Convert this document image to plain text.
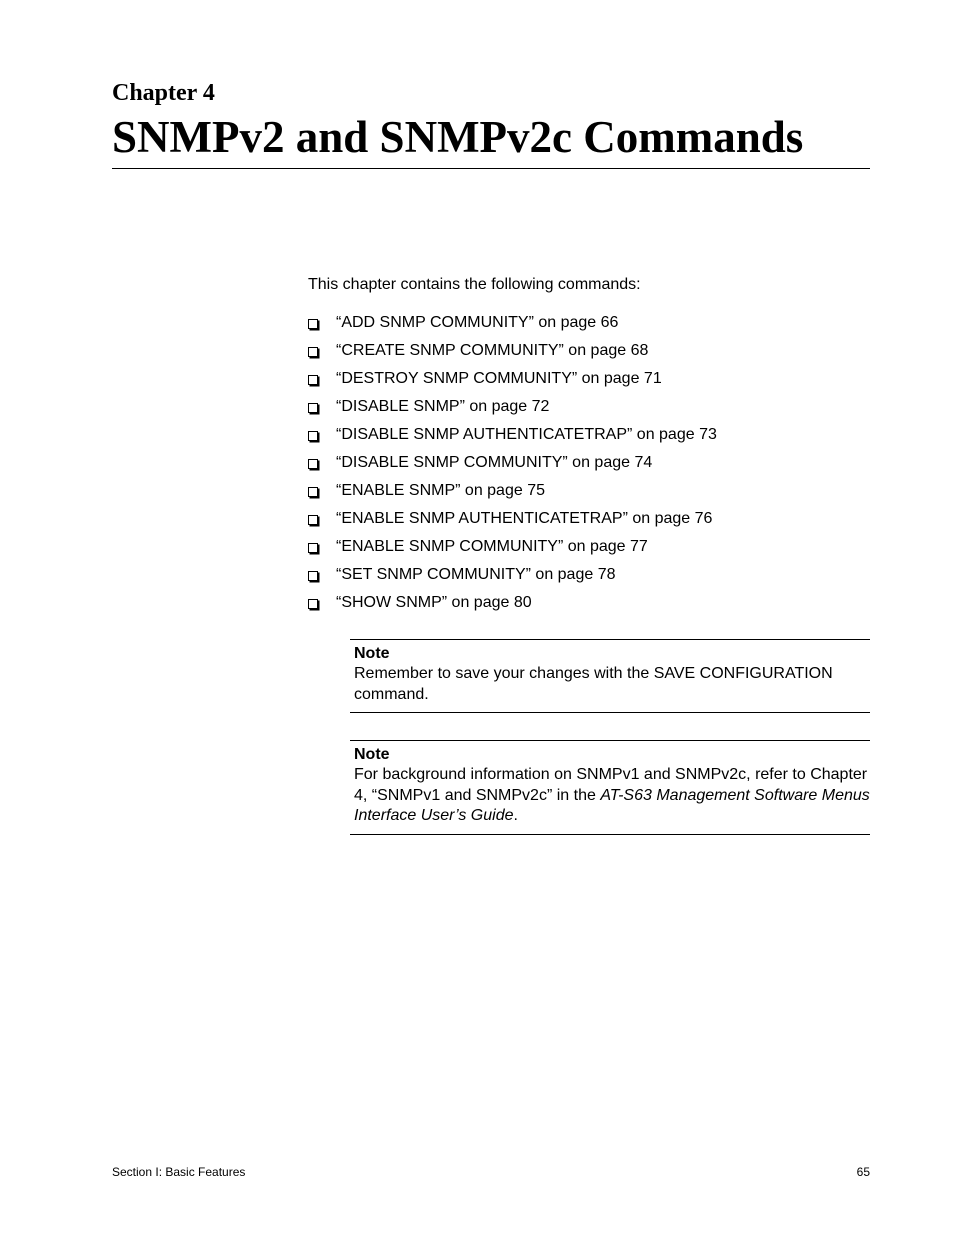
Chapter 4
SNMPv2 and SNMPv2c Commands

This chapter contains the following commands:

“ADD SNMP COMMUNITY” on page 66
“CREATE SNMP COMMUNITY” on page 68
“DESTROY SNMP COMMUNITY” on page 71
“DISABLE SNMP” on page 72
“DISABLE SNMP AUTHENTICATETRAP” on page 73
“DISABLE SNMP COMMUNITY” on page 74
“ENABLE SNMP” on page 75
“ENABLE SNMP AUTHENTICATETRAP” on page 76
“ENABLE SNMP COMMUNITY” on page 77
“SET SNMP COMMUNITY” on page 78
“SHOW SNMP” on page 80

Note

Remember to save your changes with the SAVE CONFIGURATION command.

Note

For background information on SNMPv1 and SNMPv2c, refer to Chapter 4, “SNMPv1 and SNMPv2c” in the AT-S63 Management Software Menus Interface User’s Guide.

Section I: Basic Features	65
